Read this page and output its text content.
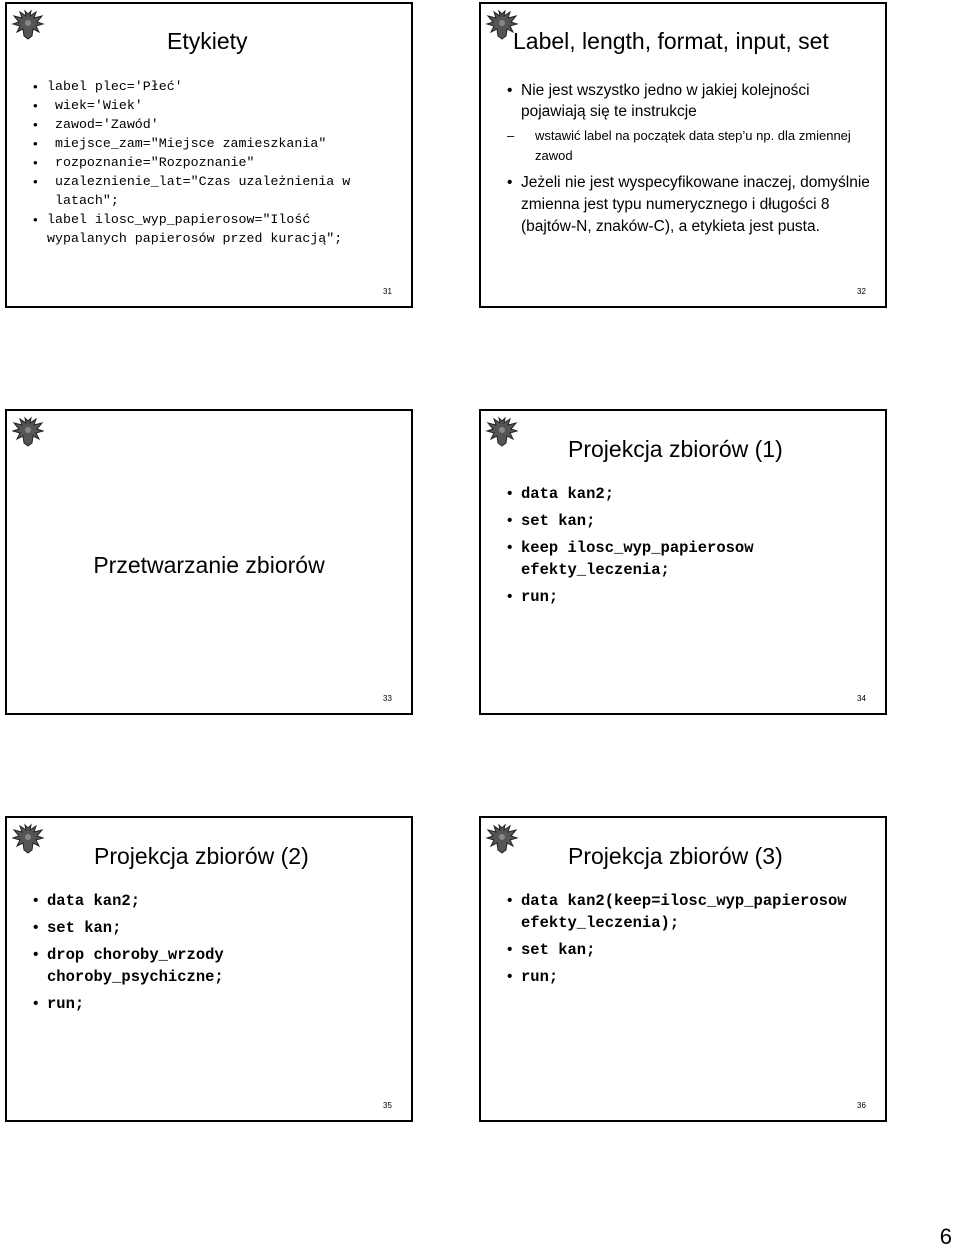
Etykiety
• label plec='Płeć'
• wiek='Wiek'
• zawod='Zawód'
• miejsce_zam="Miejsce zamieszkania"
• rozpoznanie="Rozpoznanie"
• uzaleznienie_lat="Czas uzależnienia w latach";
• label ilosc_wyp_papierosow="Ilość wypalanych papierosów przed kuracją";
31
Label, length, format, input, set
• Nie jest wszystko jedno w jakiej kolejności pojawiają się te instrukcje
– wstawić label na początek data step’u np. dla zmiennej zawod
• Jeżeli nie jest wyspecyfikowane inaczej, domyślnie zmienna jest typu numerycznego i długości 8 (bajtów-N, znaków-C), a etykieta jest pusta.
32
Przetwarzanie zbiorów
33
Projekcja zbiorów (1)
• data kan2;
• set kan;
• keep ilosc_wyp_papierosow efekty_leczenia;
• run;
34
Projekcja zbiorów (2)
• data kan2;
• set kan;
• drop choroby_wrzody choroby_psychiczne;
• run;
35
Projekcja zbiorów (3)
• data kan2(keep=ilosc_wyp_papierosow efekty_leczenia);
• set kan;
• run;
36
6
